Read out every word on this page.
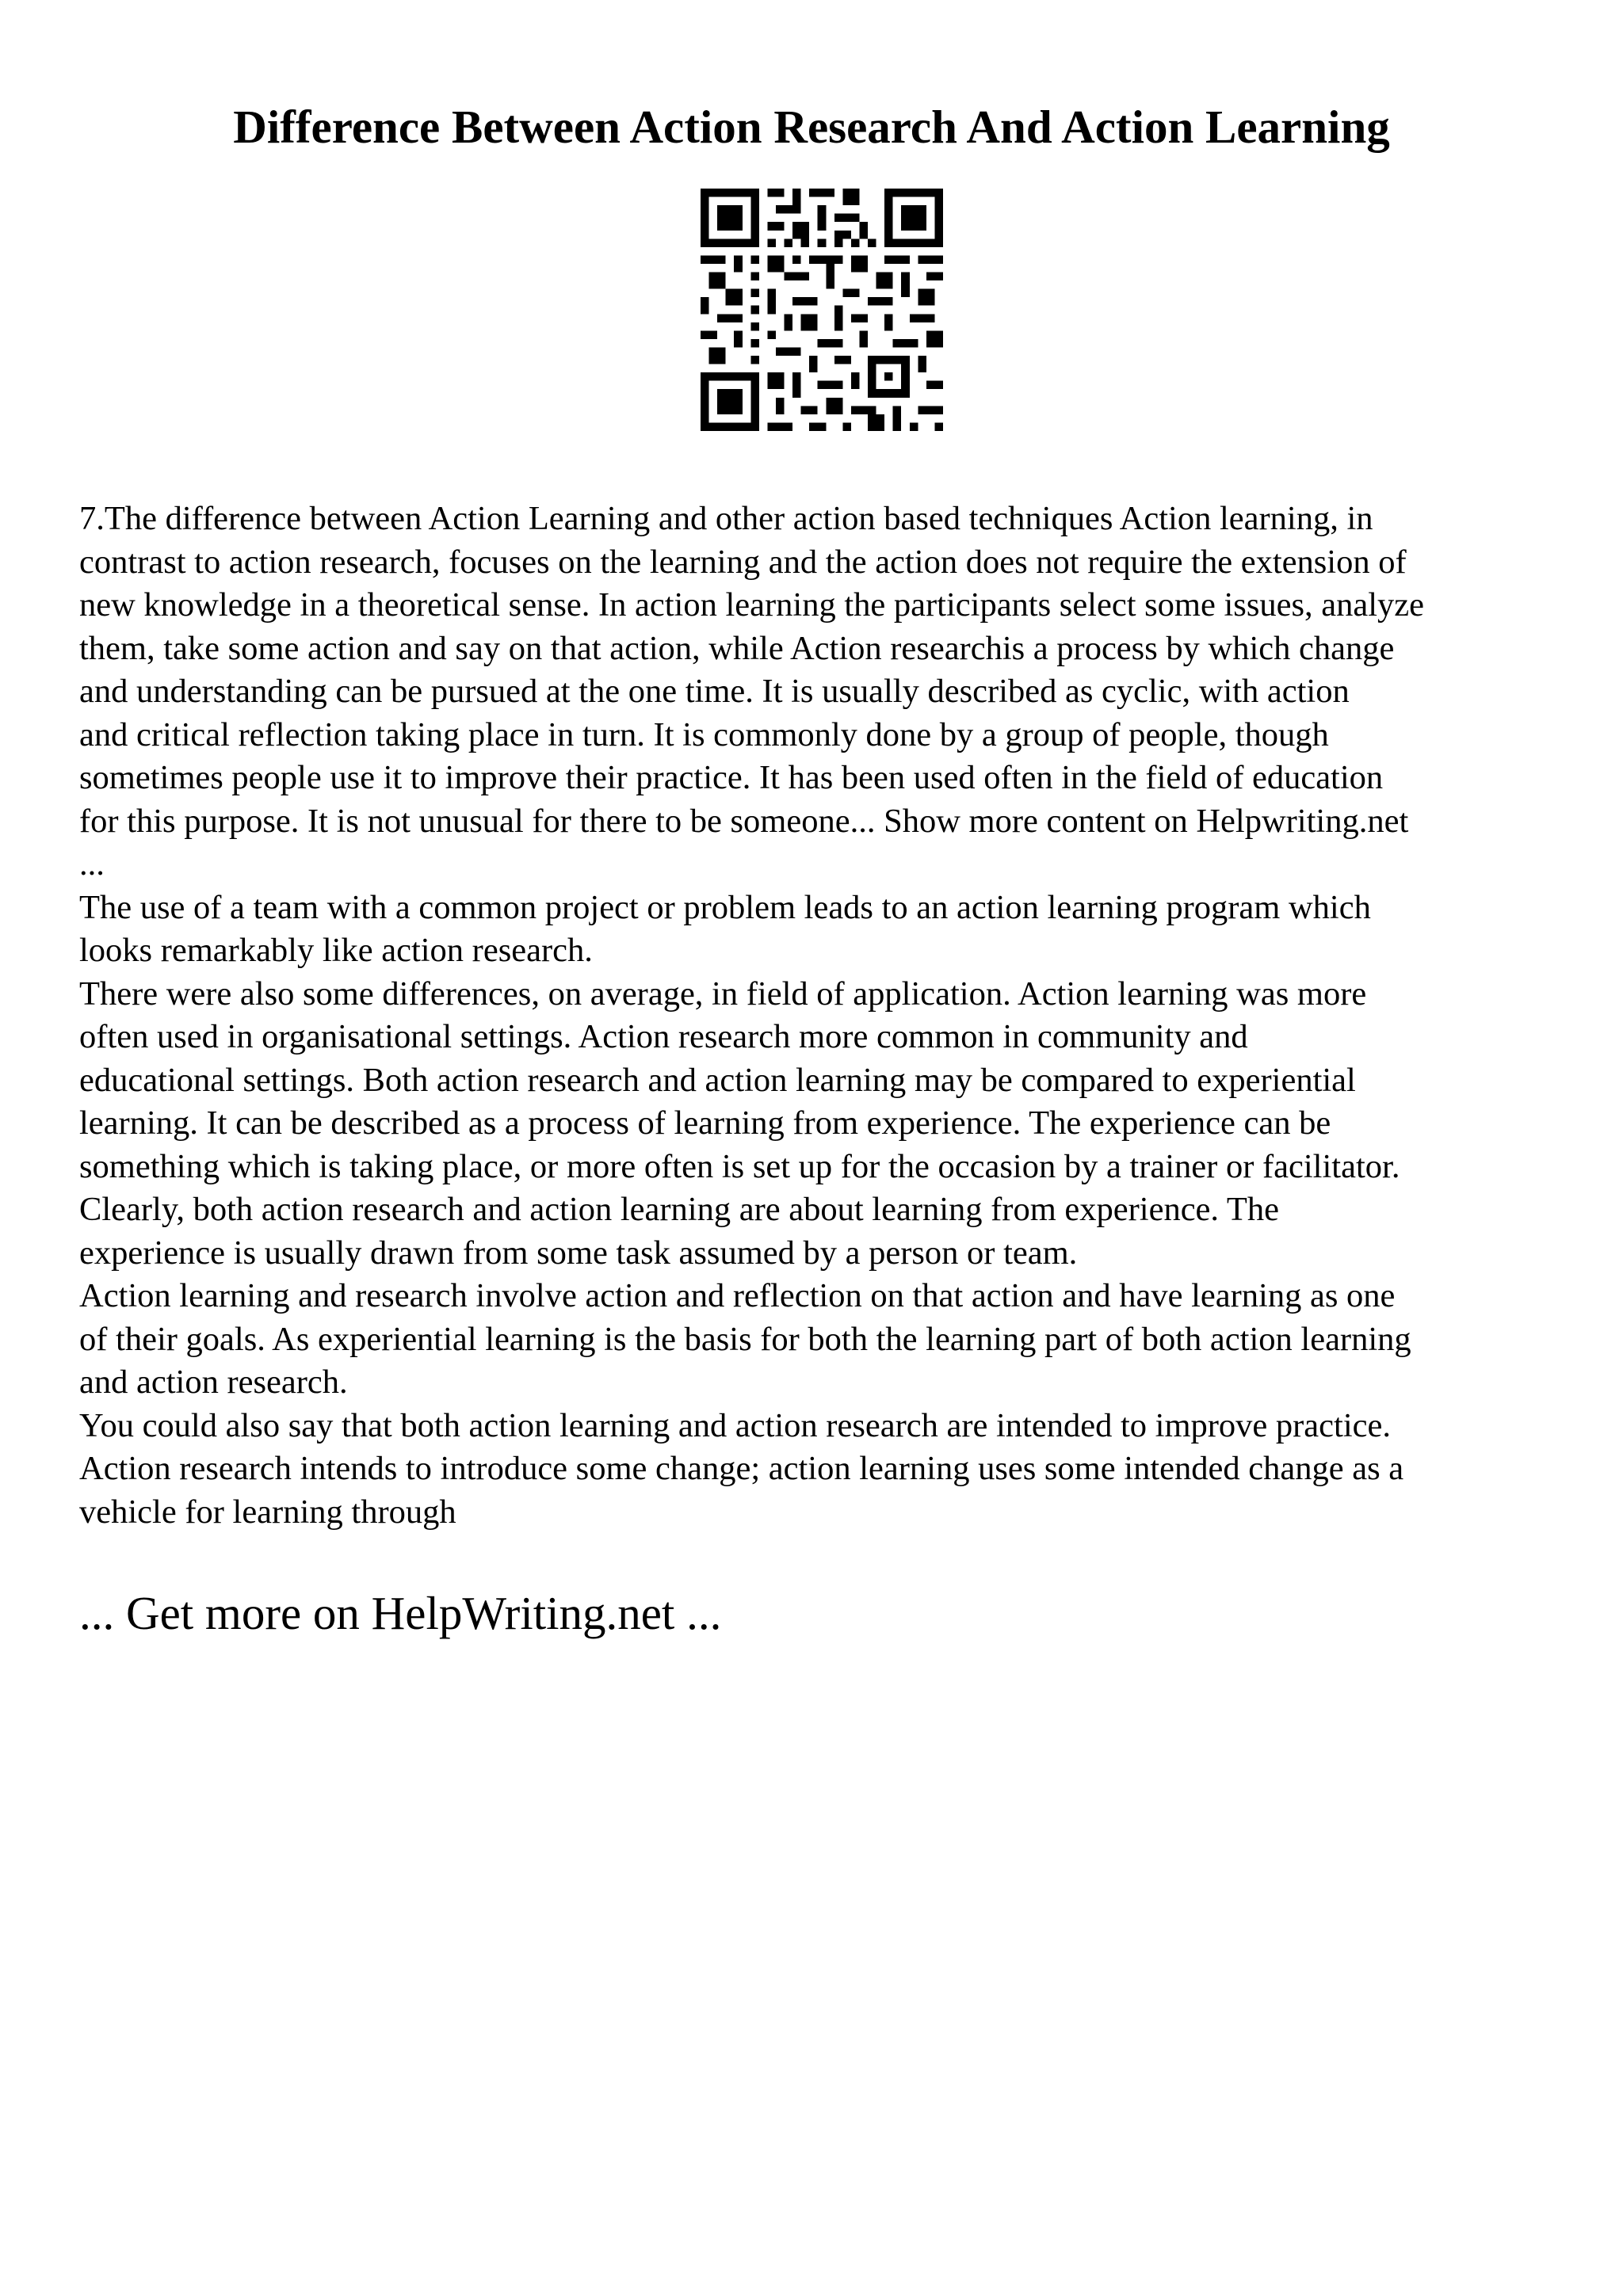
Difference Between Action Research And Action Learning

7.The difference between Action Learning and other action based techniques Action learning, in

contrast to action research, focuses on the learning and the action does not require the extension of

new knowledge in a theoretical sense. In action learning the participants select some issues, analyze

them, take some action and say on that action, while Action researchis a process by which change

and understanding can be pursued at the one time. It is usually described as cyclic, with action

and critical reflection taking place in turn. It is commonly done by a group of people, though

sometimes people use it to improve their practice. It has been used often in the field of education

for this purpose. It is not unusual for there to be someone... Show more content on Helpwriting.net

...

The use of a team with a common project or problem leads to an action learning program which

looks remarkably like action research.

There were also some differences, on average, in field of application. Action learning was more

often used in organisational settings. Action research more common in community and

educational settings. Both action research and action learning may be compared to experiential

learning. It can be described as a process of learning from experience. The experience can be

something which is taking place, or more often is set up for the occasion by a trainer or facilitator.

Clearly, both action research and action learning are about learning from experience. The

experience is usually drawn from some task assumed by a person or team.

Action learning and research involve action and reflection on that action and have learning as one

of their goals. As experiential learning is the basis for both the learning part of both action learning

and action research.

You could also say that both action learning and action research are intended to improve practice.

Action research intends to introduce some change; action learning uses some intended change as a

vehicle for learning through

... Get more on HelpWriting.net ...
